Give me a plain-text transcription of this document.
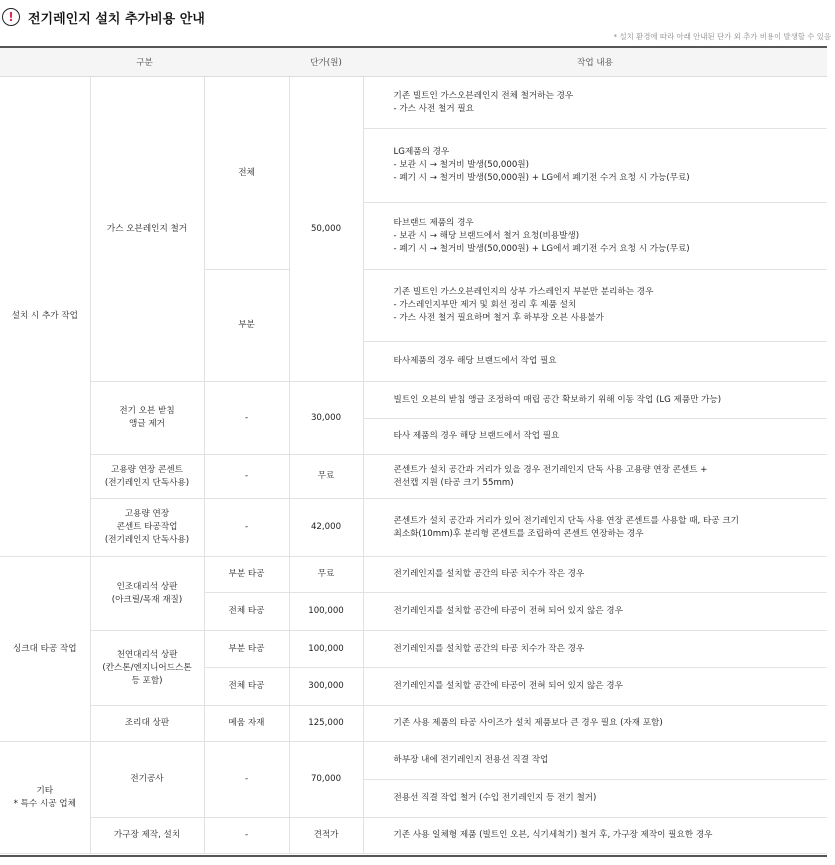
! 전기레인지 설치 추가비용 안내
* 설치 환경에 따라 아래 안내된 단가 외 추가 비용이 발생할 수 있음
구분			단가(원)	작업 내용
설치 시 추가 작업	가스 오븐레인지 철거	전체	50,000	기존 빌트인 가스오븐레인지 전체 철거하는 경우
- 가스 사전 철거 필요

				LG제품의 경우
- 보관 시 → 철거비 발생(50,000원)
- 폐기 시 → 철거비 발생(50,000원) + LG에서 폐기전 수거 요청 시 가능(무료)

				타브랜드 제품의 경우
- 보관 시 → 해당 브랜드에서 철거 요청(비용발생)
- 폐기 시 → 철거비 발생(50,000원) + LG에서 폐기전 수거 요청 시 가능(무료)

		부분		기존 빌트인 가스오븐레인지의 상부 가스레인지 부분만 분리하는 경우
- 가스레인지부만 제거 및 회선 정리 후 제품 설치
- 가스 사전 철거 필요하며 철거 후 하부장 오븐 사용불가

				타사제품의 경우 해당 브랜드에서 작업 필요

	전기 오븐 받침
앵글 제거	-	30,000	빌트인 오븐의 받침 앵글 조정하여 매립 공간 확보하기 위해 이동 작업 (LG 제품만 가능)

				타사 제품의 경우 해당 브랜드에서 작업 필요

	고용량 연장 콘센트
(전기레인지 단독사용)	-	무료	콘센트가 설치 공간과 거리가 있을 경우 전기레인지 단독 사용 고용량 연장 콘센트 +
전선캡 지원 (타공 크기 55mm)

	고용량 연장
콘센트 타공작업
(전기레인지 단독사용)	-	42,000	콘센트가 설치 공간과 거리가 있어 전기레인지 단독 사용 연장 콘센트를 사용할 때, 타공 크기
최소화(10mm)후 분리형 콘센트를 조립하여 콘센트 연장하는 경우

싱크대 타공 작업	인조대리석 상판
(아크릴/목재 재질)	부분 타공	무료	전기레인지를 설치할 공간의 타공 치수가 작은 경우

		전체 타공	100,000	전기레인지를 설치할 공간에 타공이 전혀 되어 있지 않은 경우

	천연대리석 상판
(칸스톤/엔지니어드스톤
등 포함)	부분 타공	100,000	전기레인지를 설치할 공간의 타공 치수가 작은 경우

		전체 타공	300,000	전기레인지를 설치할 공간에 타공이 전혀 되어 있지 않은 경우

	조리대 상판	메움 자재	125,000	기존 사용 제품의 타공 사이즈가 설치 제품보다 큰 경우 필요 (자재 포함)

기타
* 특수 시공 업체	전기공사	-	70,000	하부장 내에 전기레인지 전용선 직결 작업

				전용선 직결 작업 철거 (수입 전기레인지 등 전기 철거)

	가구장 제작, 설치	-	견적가	기존 사용 일체형 제품 (빌트인 오븐, 식기세척기) 철거 후, 가구장 제작이 필요한 경우
